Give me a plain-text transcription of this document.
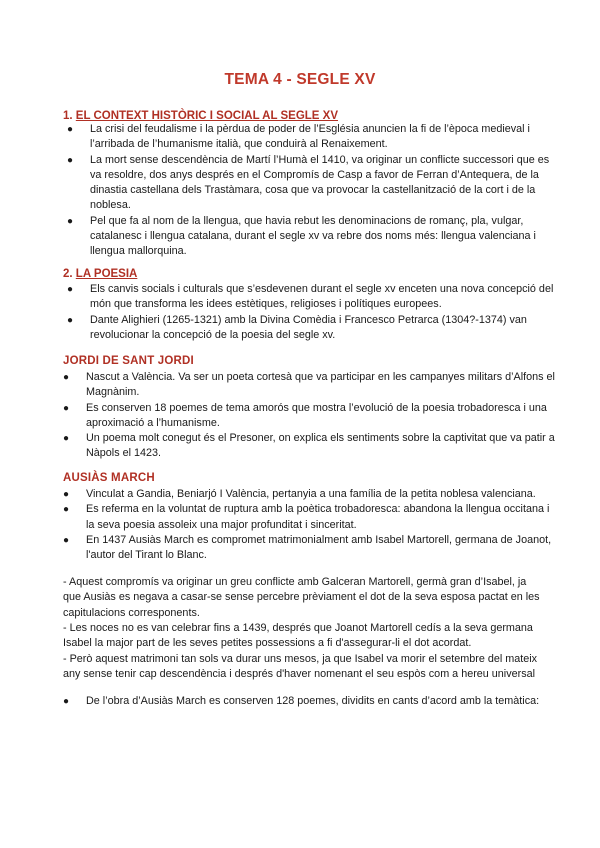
TEMA 4 - SEGLE XV
1. EL CONTEXT HISTÒRIC I SOCIAL AL SEGLE XV
● La crisi del feudalisme i la pèrdua de poder de l’Església anuncien la fi de l’època medieval i l’arribada de l’humanisme italià, que conduirà al Renaixement.
● La mort sense descendència de Martí l’Humà el 1410, va originar un conflicte successori que es va resoldre, dos anys després en el Compromís de Casp a favor de Ferran d’Antequera, de la dinastia castellana dels Trastàmara, cosa que va provocar la castellanització de la cort i de la noblesa.
● Pel que fa al nom de la llengua, que havia rebut les denominacions de romanç, pla, vulgar, catalanesc i llengua catalana, durant el segle xv va rebre dos noms més: llengua valenciana i llengua mallorquina.
2. LA POESIA
● Els canvis socials i culturals que s’esdevenen durant el segle xv enceten una nova concepció del món que transforma les idees estètiques, religioses i polítiques europees.
● Dante Alighieri (1265-1321) amb la Divina Comèdia i Francesco Petrarca (1304?-1374) van revolucionar la concepció de la poesia del segle xv.
JORDI DE SANT JORDI
● Nascut a València. Va ser un poeta cortesà que va participar en les campanyes militars d’Alfons el Magnànim.
● Es conserven 18 poemes de tema amorós que mostra l’evolució de la poesia trobadoresca i una aproximació a l’humanisme.
● Un poema molt conegut és el Presoner, on explica els sentiments sobre la captivitat que va patir a Nàpols el 1423.
AUSIÀS MARCH
● Vinculat a Gandia, Beniarjó I València, pertanyia a una família de la petita noblesa valenciana.
● Es referma en la voluntat de ruptura amb la poètica trobadoresca: abandona la llengua occitana i la seva poesia assoleix una major profunditat i sinceritat.
● En 1437 Ausiàs March es compromet matrimonialment amb Isabel Martorell, germana de Joanot, l'autor del Tirant lo Blanc.

- Aquest compromís va originar un greu conflicte amb Galceran Martorell, germà gran d’Isabel, ja que Ausiàs es negava a casar-se sense percebre prèviament el dot de la seva esposa pactat en les capitulacions corresponents.

- Les noces no es van celebrar fins a 1439, després que Joanot Martorell cedís a la seva germana Isabel la major part de les seves petites possessions a fi d'assegurar-li el dot acordat.

- Però aquest matrimoni tan sols va durar uns mesos, ja que Isabel va morir el setembre del mateix any sense tenir cap descendència i després d'haver nomenant el seu espòs com a hereu universal

● De l’obra d’Ausiàs March es conserven 128 poemes, dividits en cants d’acord amb la temàtica:
